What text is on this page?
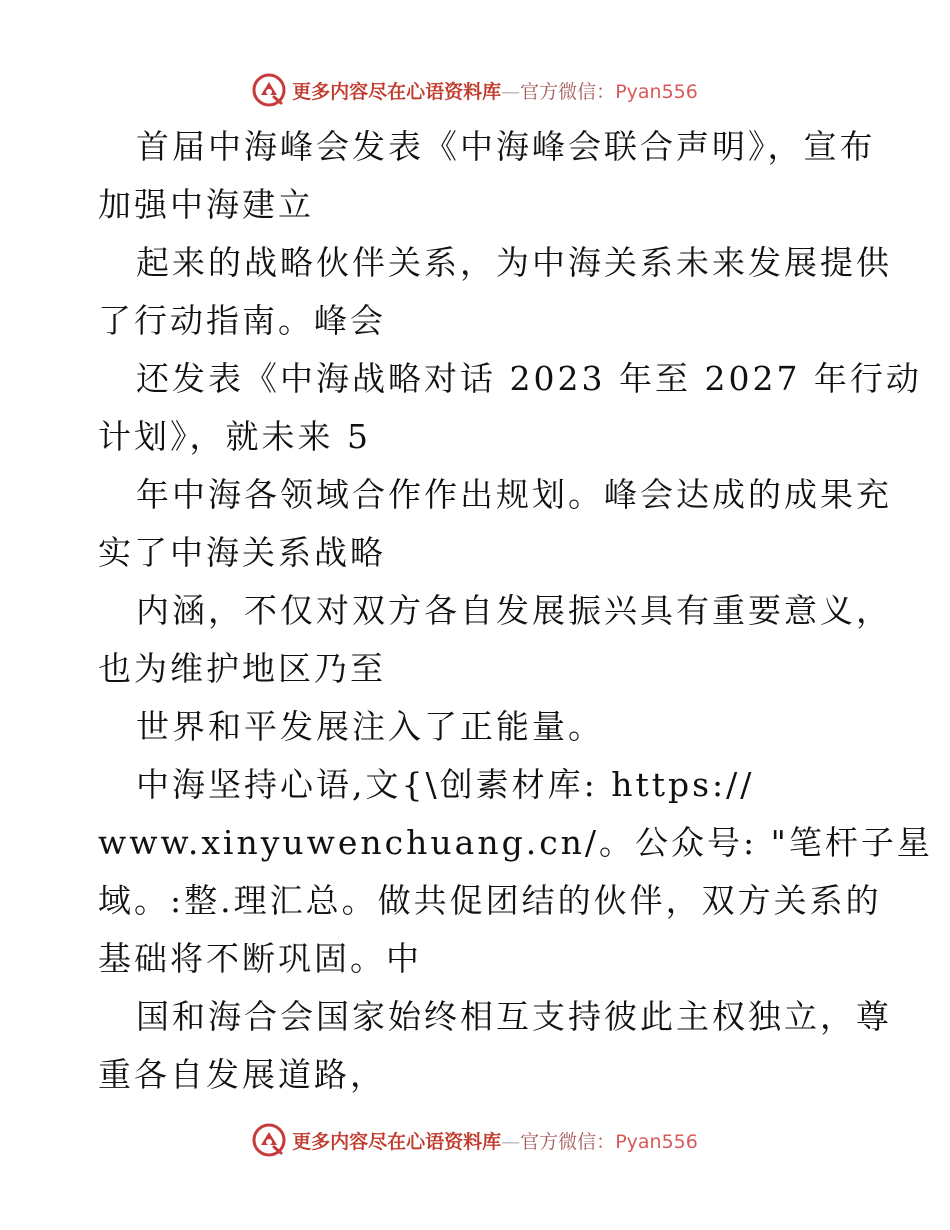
更多内容尽在心语资料库—官方微信：Pyan556
首届中海峰会发表《中海峰会联合声明》，宣布
加强中海建立
起来的战略伙伴关系，为中海关系未来发展提供
了行动指南。峰会
还发表《中海战略对话 2023 年至 2027 年行动
计划》，就未来 5
年中海各领域合作作出规划。峰会达成的成果充
实了中海关系战略
内涵，不仅对双方各自发展振兴具有重要意义，
也为维护地区乃至
世界和平发展注入了正能量。
中海坚持心语,文{\创素材库: https://
www.xinyuwenchuang.cn/。公众号: "笔杆子星
域。:整.理汇总。做共促团结的伙伴，双方关系的
基础将不断巩固。中
国和海合会国家始终相互支持彼此主权独立，尊
重各自发展道路，
更多内容尽在心语资料库—官方微信：Pyan556
